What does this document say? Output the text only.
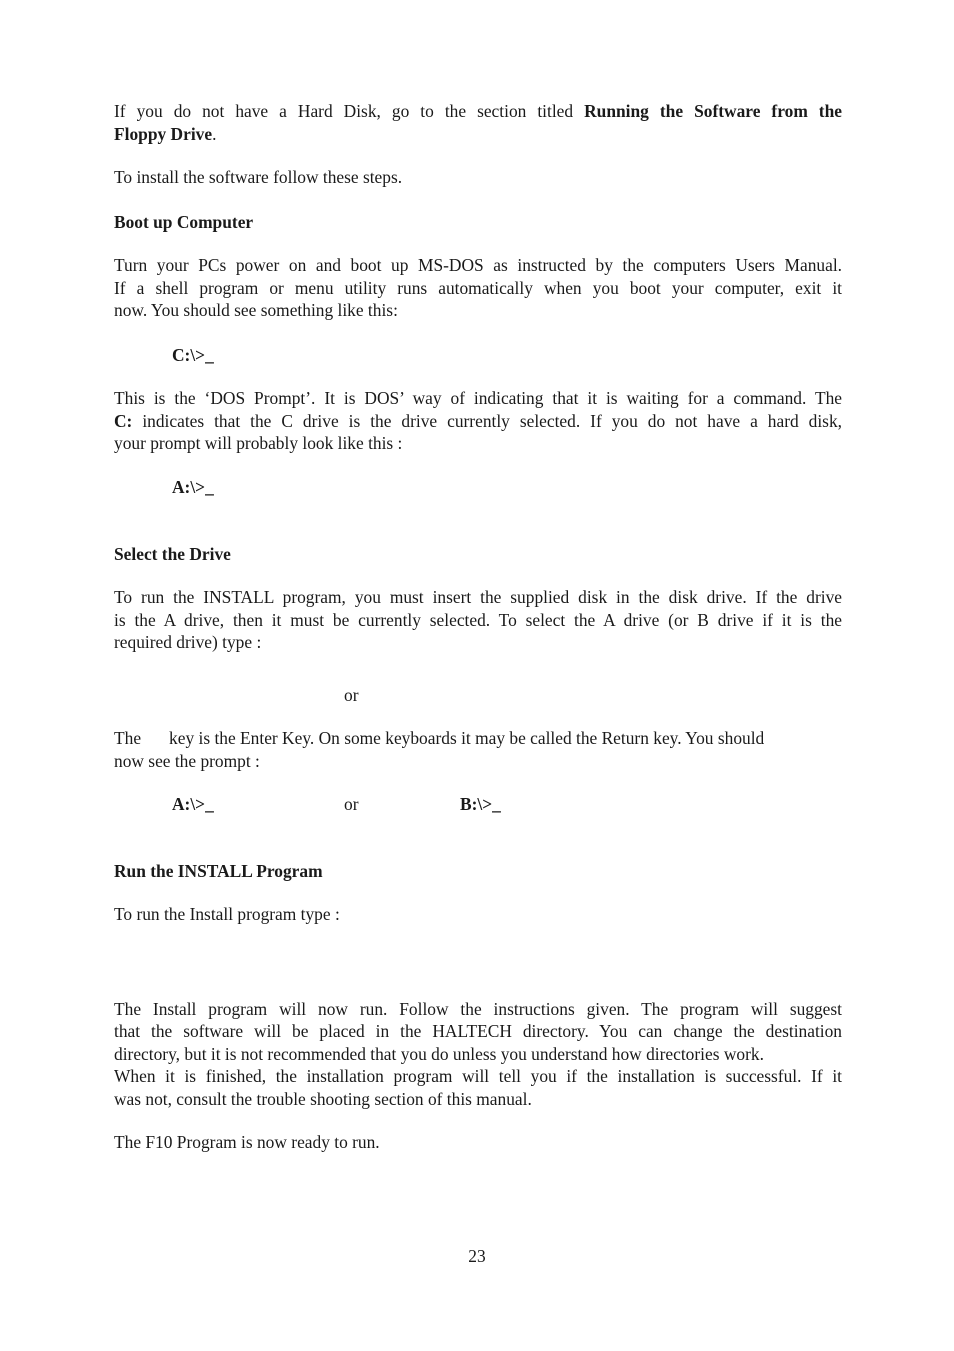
If you do not have a Hard Disk, go to the section titled Running the Software from the
Floppy Drive.
To install the software follow these steps.
Boot up Computer
Turn your PCs power on and boot up MS-DOS as instructed by the computers Users Manual.
If a shell program or menu utility runs automatically when you boot your computer, exit it
now. You should see something like this:
C:\>_
This is the ‘DOS Prompt’. It is DOS’ way of indicating that it is waiting for a command. The
C: indicates that the C drive is the drive currently selected. If you do not have a hard disk,
your prompt will probably look like this :
A:\>_
Select the Drive
To run the INSTALL program, you must insert the supplied disk in the disk drive. If the drive
is the A drive, then it must be currently selected. To select the A drive (or B drive if it is the
required drive) type :
or
The key is the Enter Key. On some keyboards it may be called the Return key. You should
now see the prompt :
A:\>_	or	B:\>_
Run the INSTALL Program
To run the Install program type :
The Install program will now run. Follow the instructions given. The program will suggest
that the software will be placed in the HALTECH directory. You can change the destination
directory, but it is not recommended that you do unless you understand how directories work.
When it is finished, the installation program will tell you if the installation is successful. If it
was not, consult the trouble shooting section of this manual.
The F10 Program is now ready to run.
23
